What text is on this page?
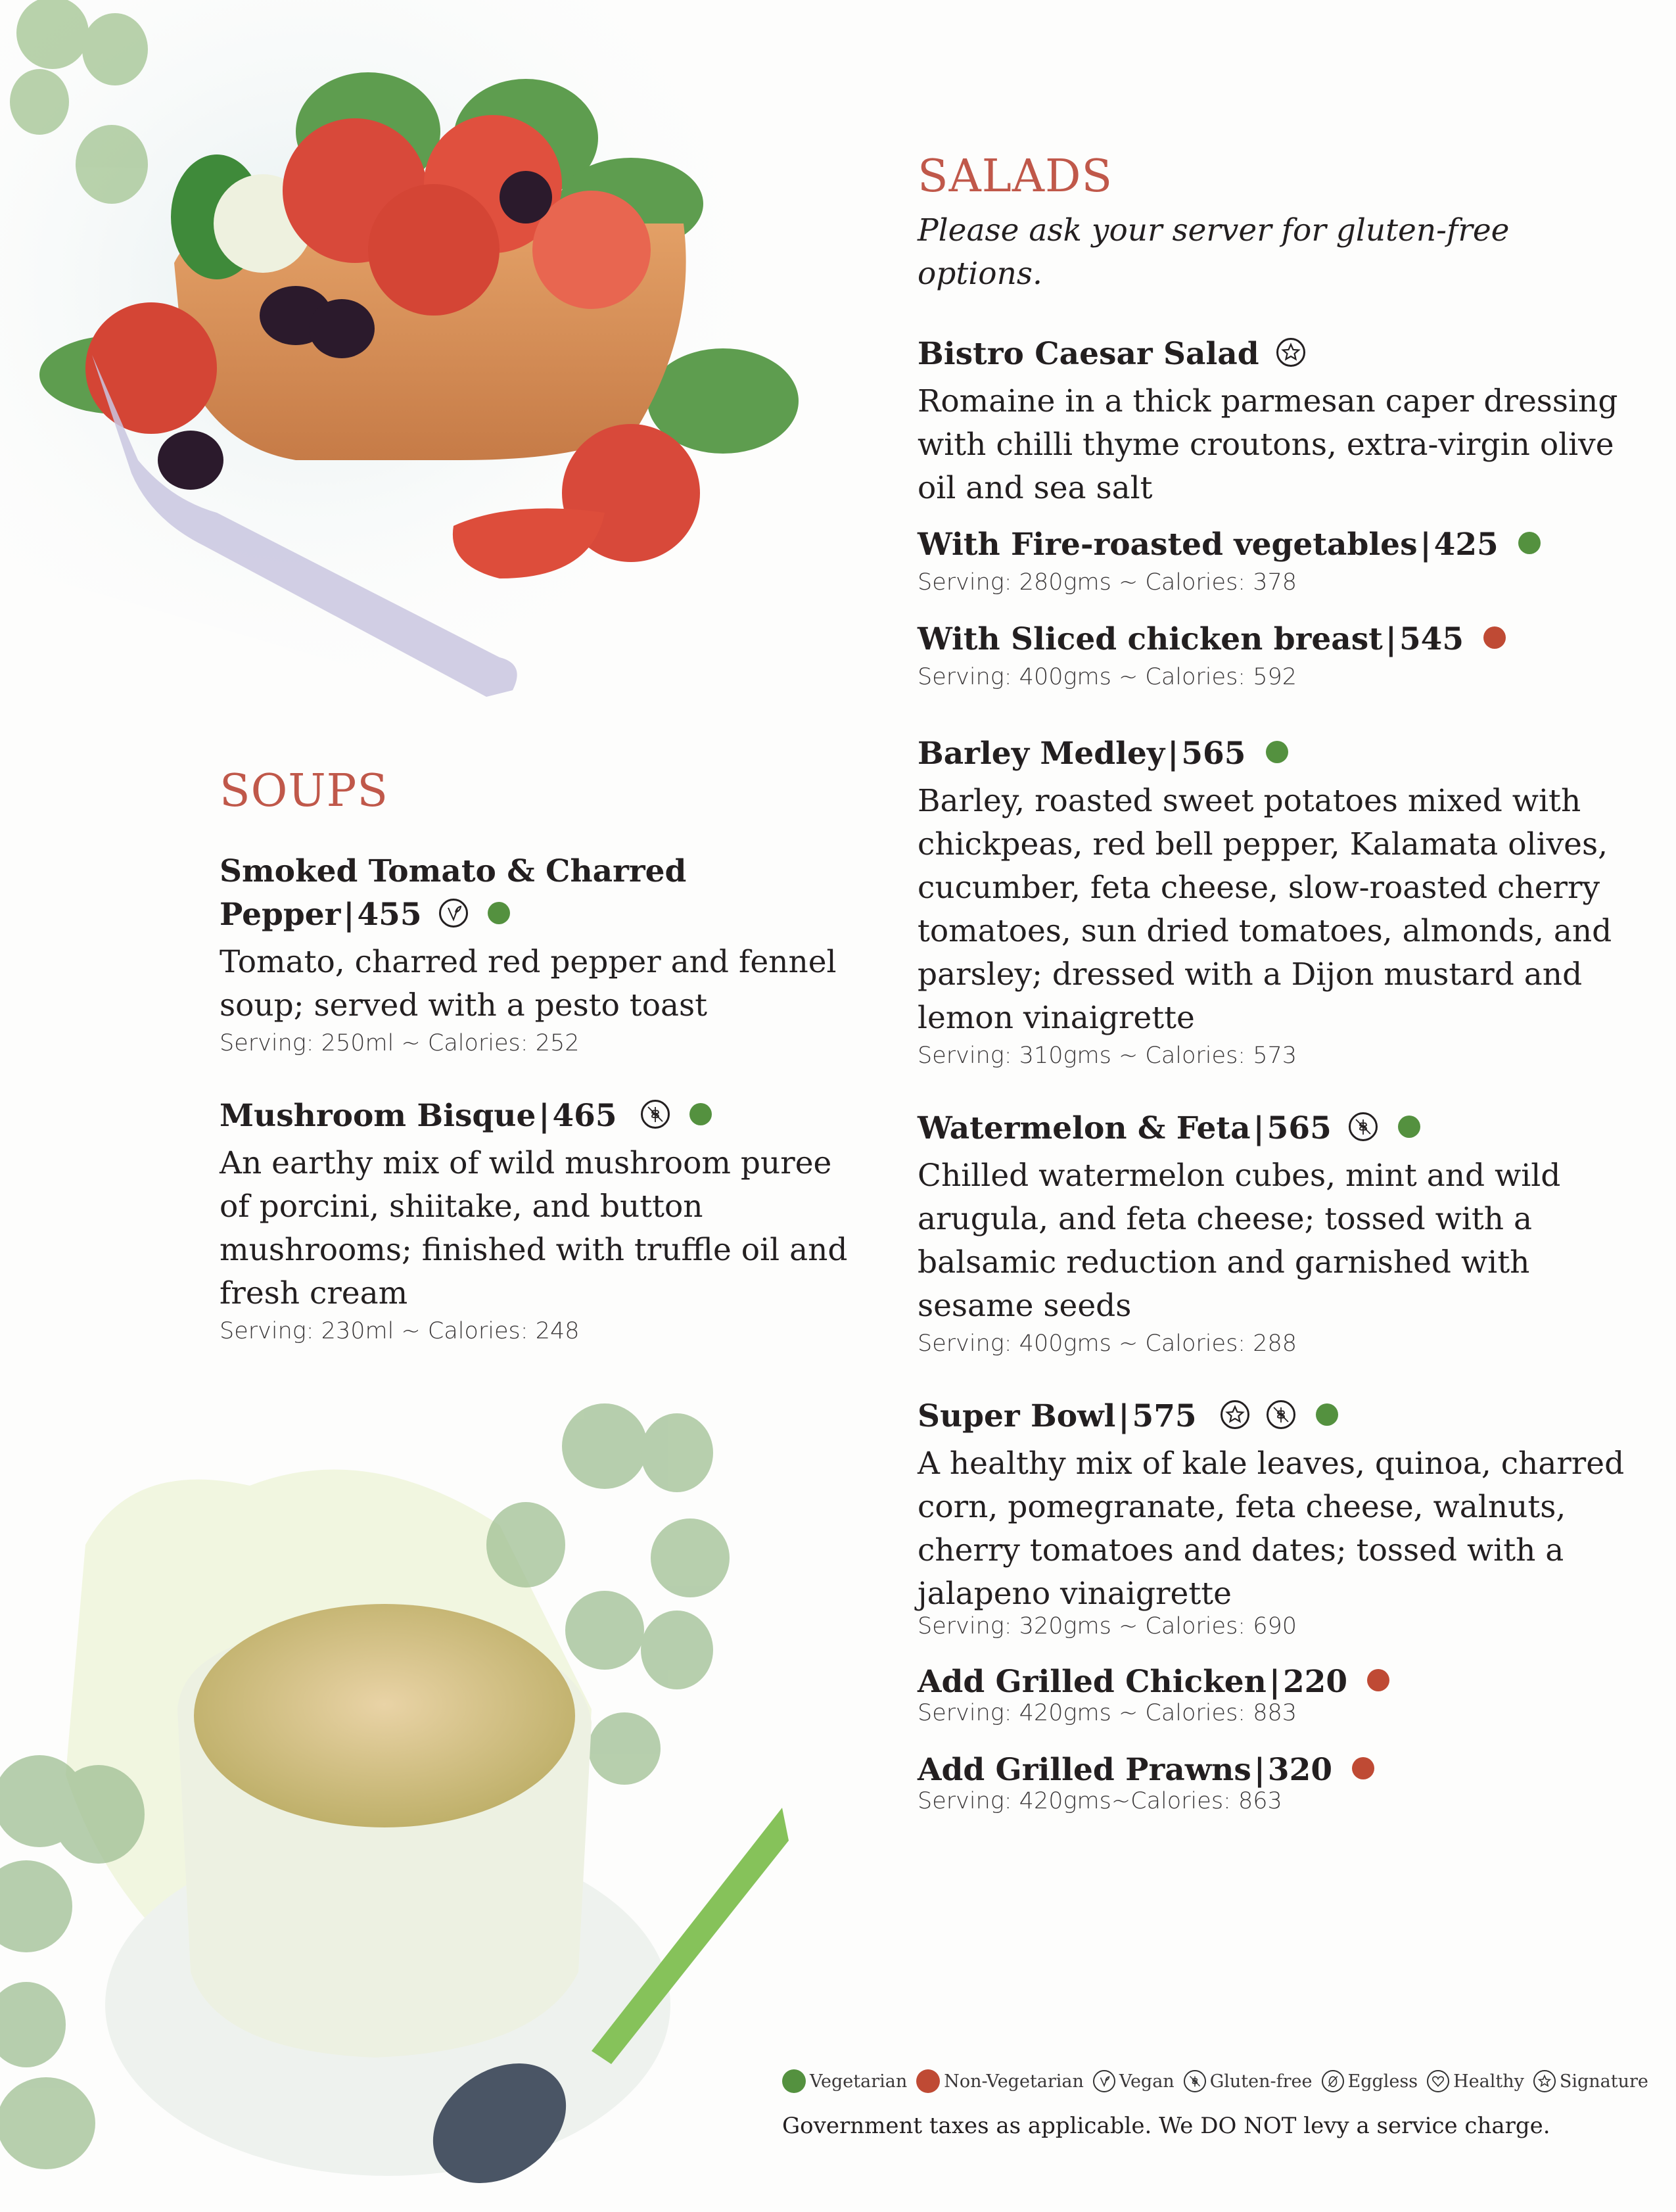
SALADS

Please ask your server for gluten-free options.

Bistro Caesar Salad

Romaine in a thick parmesan caper dressing with chilli thyme croutons, extra-virgin olive oil and sea salt

With Fire-roasted vegetables|425

Serving: 280gms ~ Calories: 378

With Sliced chicken breast|545

Serving: 400gms ~ Calories: 592

Barley Medley|565

Barley, roasted sweet potatoes mixed with chickpeas, red bell pepper, Kalamata olives, cucumber, feta cheese, slow-roasted cherry tomatoes, sun dried tomatoes, almonds, and parsley; dressed with a Dijon mustard and lemon vinaigrette

Serving: 310gms ~ Calories: 573

Watermelon & Feta|565

Chilled watermelon cubes, mint and wild arugula, and feta cheese; tossed with a balsamic reduction and garnished with sesame seeds

Serving: 400gms ~ Calories: 288

Super Bowl|575

A healthy mix of kale leaves, quinoa, charred corn, pomegranate, feta cheese, walnuts, cherry tomatoes and dates; tossed with a jalapeno vinaigrette

Serving: 320gms ~ Calories: 690

Add Grilled Chicken|220

Serving: 420gms ~ Calories: 883

Add Grilled Prawns|320

Serving: 420gms~Calories: 863

SOUPS
Smoked Tomato & Charred Pepper|455

Tomato, charred red pepper and fennel soup; served with a pesto toast

Serving: 250ml ~ Calories: 252

Mushroom Bisque|465

An earthy mix of wild mushroom puree of porcini, shiitake, and button mushrooms; finished with truffle oil and fresh cream

Serving: 230ml ~ Calories: 248

Vegetarian Non-Vegetarian Vegan Gluten-free Eggless Healthy Signature
Government taxes as applicable. We DO NOT levy a service charge.
